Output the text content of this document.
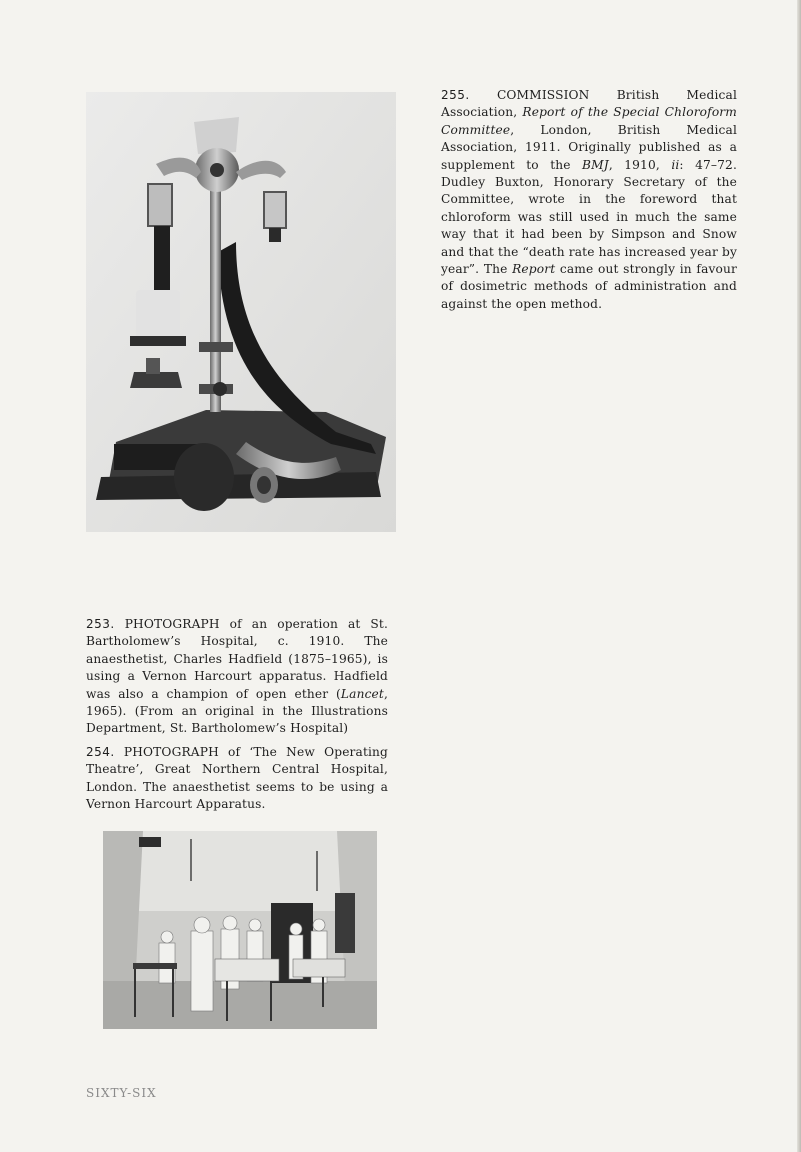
255. COMMISSION British Medical Association, Report of the Special Chloroform Committee, London, British Medical Association, 1911. Originally published as a supplement to the BMJ, 1910, ii: 47–72. Dudley Buxton, Honorary Secretary of the Committee, wrote in the foreword that chloroform was still used in much the same way that it had been by Simpson and Snow and that the “death rate has increased year by year”. The Report came out strongly in favour of dosimetric methods of administration and against the open method.
253. PHOTOGRAPH of an operation at St. Bartholomew’s Hospital, c. 1910. The anaesthetist, Charles Hadfield (1875–1965), is using a Vernon Harcourt apparatus. Hadfield was also a champion of open ether (Lancet, 1965). (From an original in the Illustrations Department, St. Bartholomew’s Hospital)
254. PHOTOGRAPH of ‘The New Operating Theatre’, Great Northern Central Hospital, London. The anaesthetist seems to be using a Vernon Harcourt Apparatus.
SIXTY-SIX
